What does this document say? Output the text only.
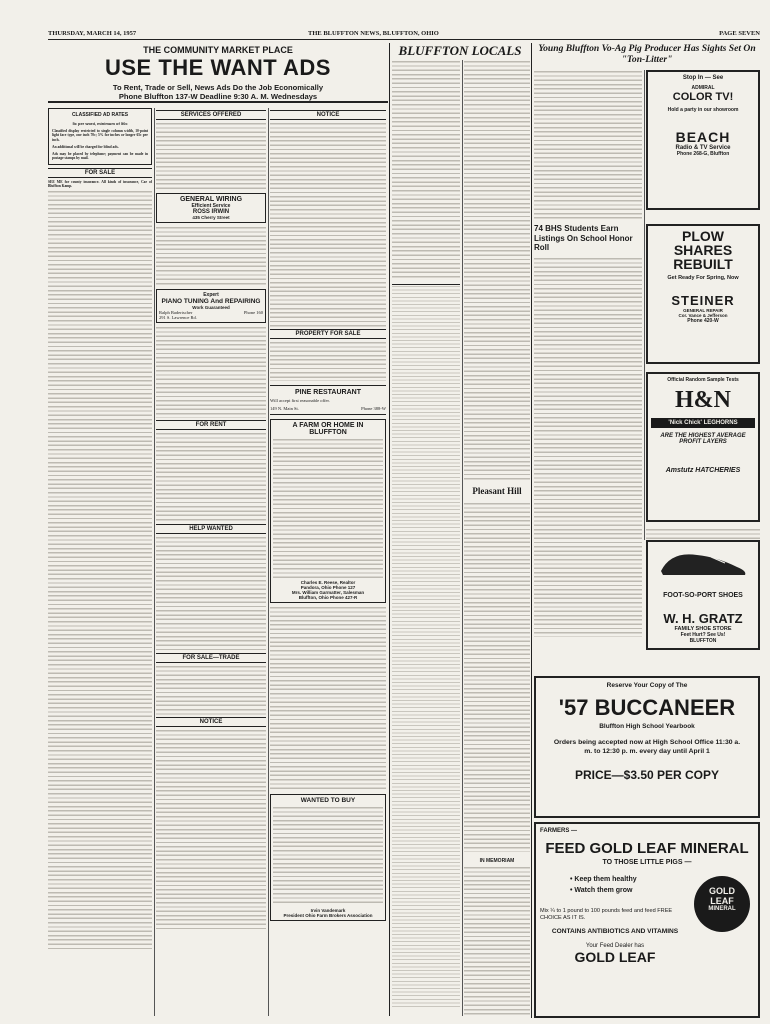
THURSDAY, MARCH 14, 1957	THE BLUFFTON NEWS, BLUFFTON, OHIO	PAGE SEVEN
THE COMMUNITY MARKET PLACE
USE THE WANT ADS
To Rent, Trade or Sell, News Ads Do the Job Economically
Phone Bluffton 137-W Deadline 9:30 A. M. Wednesdays
CLASSIFIED AD RATES
5c per word, minimum of 50c
Classified display restricted to single column width, 10-point light face type, one inch 70c; 5% for inches or longer 65c per inch.
An additional will be charged for blind ads.
Ads may be placed by telephone; payment can be made in postage stamps by mail.
FOR SALE
SEE ME for county insurance. All kinds of insurance, Car of Bluffton Kamp.
SERVICES OFFERED
GENERAL WIRING
Efficient Service
ROSS IRWIN
435 Cherry Street
Expert
PIANO TUNING And REPAIRING
Work Guaranteed
Ralph Badertscher	Phone 160
291 S. Lawrence Rd.
FOR RENT
HELP WANTED
FOR SALE—TRADE
NOTICE
NOTICE
PROPERTY FOR SALE
PINE RESTAURANT
Will accept first reasonable offer.
149 N. Main St.	Phone 388-W
A FARM OR HOME IN BLUFFTON
Charles E. Reese, Realtor
Pandora, Ohio Phone 127
Mrs. William Garmatter, Salesman
Bluffton, Ohio Phone 427-R
WANTED TO BUY
Irvin Vandemark
President Ohio Farm Brokers Association
BLUFFTON LOCALS
Pleasant Hill
IN MEMORIAM
Young Bluffton Vo-Ag Pig Producer Has Sights Set On "Ton-Litter"
74 BHS Students Earn Listings On School Honor Roll
Stop In — See
ADMIRAL
COLOR TV!
Hold a party in our showroom
BEACH
Radio & TV Service
Phone 268-G, Bluffton
PLOW
SHARES
REBUILT
Get Ready For Spring, Now
STEINER
GENERAL REPAIR
Cor. Vance & Jefferson
Phone 420-W
Official Random Sample Tests
H&N
'Nick Chick' LEGHORNS
ARE THE HIGHEST AVERAGE PROFIT LAYERS
Amstutz HATCHERIES
FOOT-SO-PORT SHOES
W. H. GRATZ
FAMILY SHOE STORE
Feet Hurt? See Us!
BLUFFTON
Reserve Your Copy of The
'57 BUCCANEER
Bluffton High School Yearbook
Orders being accepted now at High School Office 11:30 a. m. to 12:30 p. m. every day until April 1
PRICE—$3.50 PER COPY
FARMERS —
FEED GOLD LEAF MINERAL
TO THOSE LITTLE PIGS —
• Keep them healthy
• Watch them grow	GOLD
LEAF
MINERAL
Mix ¼ to 1 pound to 100 pounds feed and feed FREE CHOICE AS IT IS.
CONTAINS ANTIBIOTICS AND VITAMINS
Your Feed Dealer has
GOLD LEAF
